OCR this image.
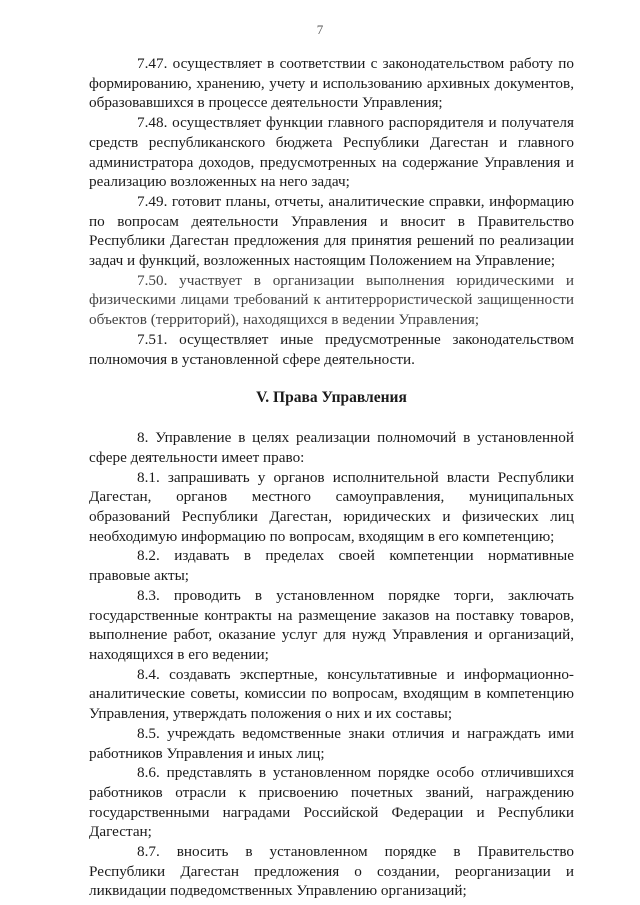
7

7.47. осуществляет в соответствии с законодательством работу по формированию, хранению, учету и использованию архивных документов, образовавшихся в процессе деятельности Управления;

7.48. осуществляет функции главного распорядителя и получателя средств республиканского бюджета Республики Дагестан и главного администратора доходов, предусмотренных на содержание Управления и реализацию возложенных на него задач;

7.49. готовит планы, отчеты, аналитические справки, информацию по вопросам деятельности Управления и вносит в Правительство Республики Дагестан предложения для принятия решений по реализации задач и функций, возложенных настоящим Положением на Управление;

7.50. участвует в организации выполнения юридическими и физическими лицами требований к антитеррористической защищенности объектов (территорий), находящихся в ведении Управления;

7.51. осуществляет иные предусмотренные законодательством полномочия в установленной сфере деятельности.

V. Права Управления

8. Управление в целях реализации полномочий в установленной сфере деятельности имеет право:

8.1. запрашивать у органов исполнительной власти Республики Дагестан, органов местного самоуправления, муниципальных образований Республики Дагестан, юридических и физических лиц необходимую информацию по вопросам, входящим в его компетенцию;

8.2. издавать в пределах своей компетенции нормативные правовые акты;

8.3. проводить в установленном порядке торги, заключать государственные контракты на размещение заказов на поставку товаров, выполнение работ, оказание услуг для нужд Управления и организаций, находящихся в его ведении;

8.4. создавать экспертные, консультативные и информационно-аналитические советы, комиссии по вопросам, входящим в компетенцию Управления, утверждать положения о них и их составы;

8.5. учреждать ведомственные знаки отличия и награждать ими работников Управления и иных лиц;

8.6. представлять в установленном порядке особо отличившихся работников отрасли к присвоению почетных званий, награждению государственными наградами Российской Федерации и Республики Дагестан;

8.7. вносить в установленном порядке в Правительство Республики Дагестан предложения о создании, реорганизации и ликвидации подведомственных Управлению организаций;
